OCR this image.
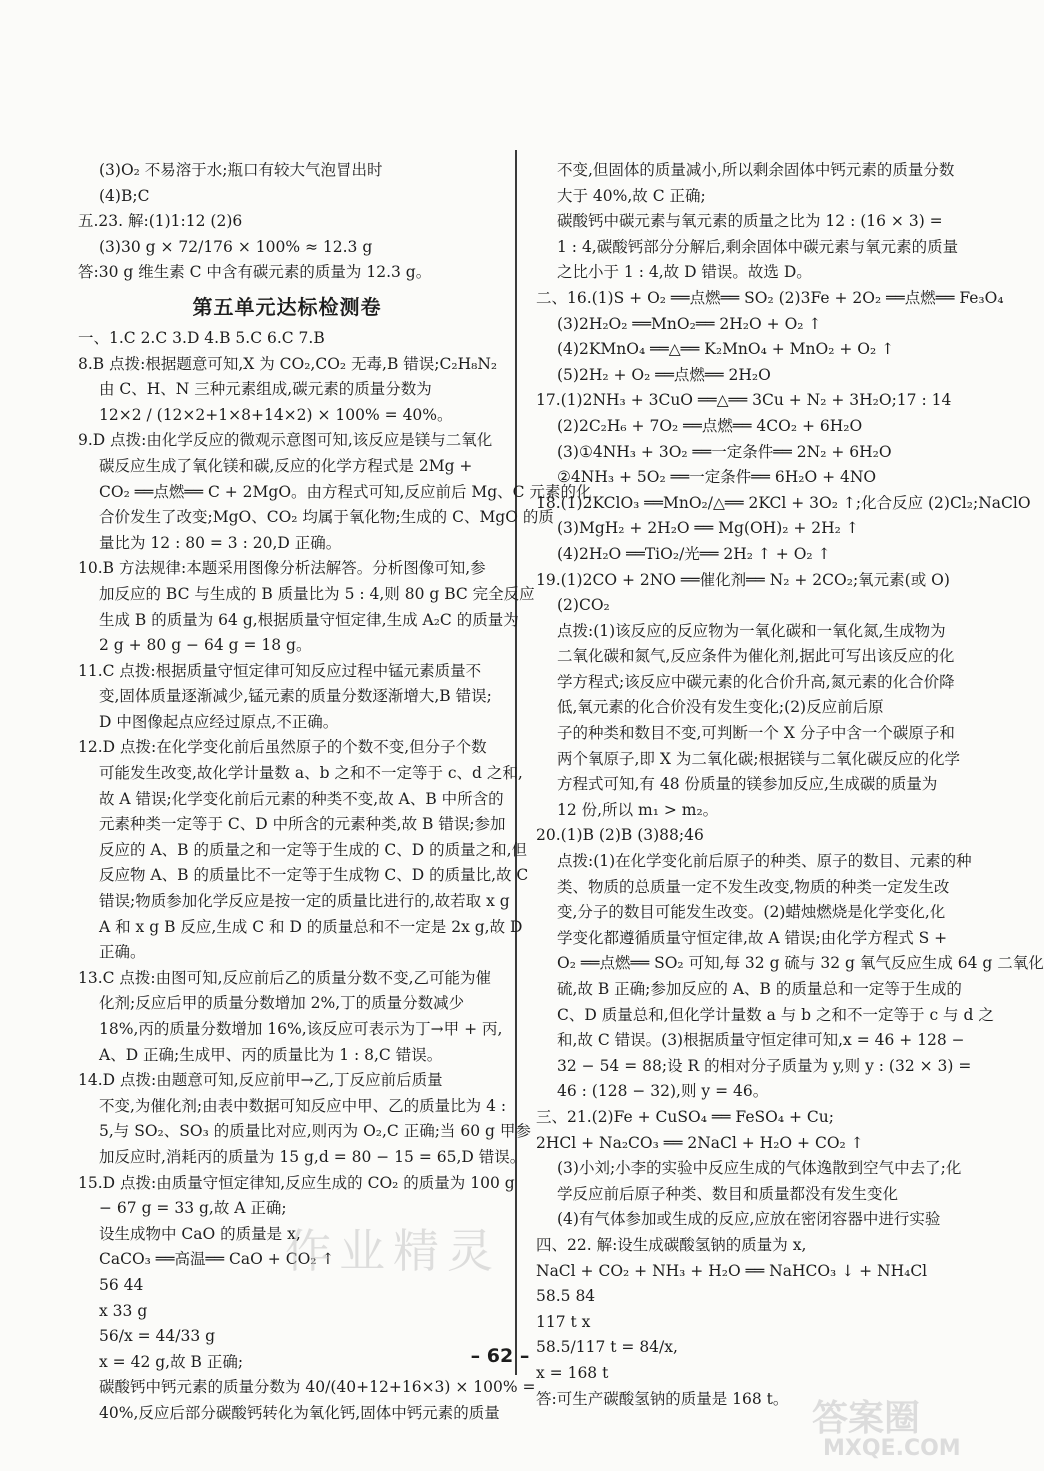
(3)O₂ 不易溶于水;瓶口有较大气泡冒出时
(4)B;C
五.23. 解:(1)1:12 (2)6
(3)30 g × 72/176 × 100% ≈ 12.3 g
答:30 g 维生素 C 中含有碳元素的质量为 12.3 g。
第五单元达标检测卷
一、1.C 2.C 3.D 4.B 5.C 6.C 7.B
8.B 点拨:根据题意可知,X 为 CO₂,CO₂ 无毒,B 错误;C₂H₈N₂
由 C、H、N 三种元素组成,碳元素的质量分数为
12×2 / (12×2+1×8+14×2) × 100% = 40%。
9.D 点拨:由化学反应的微观示意图可知,该反应是镁与二氧化
碳反应生成了氧化镁和碳,反应的化学方程式是 2Mg +
CO₂ ══点燃══ C + 2MgO。由方程式可知,反应前后 Mg、C 元素的化
合价发生了改变;MgO、CO₂ 均属于氧化物;生成的 C、MgO 的质
量比为 12 : 80 = 3 : 20,D 正确。
10.B 方法规律:本题采用图像分析法解答。分析图像可知,参
加反应的 BC 与生成的 B 质量比为 5 : 4,则 80 g BC 完全反应
生成 B 的质量为 64 g,根据质量守恒定律,生成 A₂C 的质量为
2 g + 80 g − 64 g = 18 g。
11.C 点拨:根据质量守恒定律可知反应过程中锰元素质量不
变,固体质量逐渐减少,锰元素的质量分数逐渐增大,B 错误;
D 中图像起点应经过原点,不正确。
12.D 点拨:在化学变化前后虽然原子的个数不变,但分子个数
可能发生改变,故化学计量数 a、b 之和不一定等于 c、d 之和,
故 A 错误;化学变化前后元素的种类不变,故 A、B 中所含的
元素种类一定等于 C、D 中所含的元素种类,故 B 错误;参加
反应的 A、B 的质量之和一定等于生成的 C、D 的质量之和,但
反应物 A、B 的质量比不一定等于生成物 C、D 的质量比,故 C
错误;物质参加化学反应是按一定的质量比进行的,故若取 x g
A 和 x g B 反应,生成 C 和 D 的质量总和不一定是 2x g,故 D
正确。
13.C 点拨:由图可知,反应前后乙的质量分数不变,乙可能为催
化剂;反应后甲的质量分数增加 2%,丁的质量分数减少
18%,丙的质量分数增加 16%,该反应可表示为丁→甲 + 丙,
A、D 正确;生成甲、丙的质量比为 1 : 8,C 错误。
14.D 点拨:由题意可知,反应前甲→乙,丁反应前后质量
不变,为催化剂;由表中数据可知反应中甲、乙的质量比为 4 :
5,与 SO₂、SO₃ 的质量比对应,则丙为 O₂,C 正确;当 60 g 甲参
加反应时,消耗丙的质量为 15 g,d = 80 − 15 = 65,D 错误。
15.D 点拨:由质量守恒定律知,反应生成的 CO₂ 的质量为 100 g
− 67 g = 33 g,故 A 正确;
设生成物中 CaO 的质量是 x,
CaCO₃ ══高温══ CaO + CO₂ ↑
56 44
x 33 g
56/x = 44/33 g
x = 42 g,故 B 正确;
碳酸钙中钙元素的质量分数为 40/(40+12+16×3) × 100% =
40%,反应后部分碳酸钙转化为氧化钙,固体中钙元素的质量
不变,但固体的质量减小,所以剩余固体中钙元素的质量分数
大于 40%,故 C 正确;
碳酸钙中碳元素与氧元素的质量之比为 12 : (16 × 3) =
1 : 4,碳酸钙部分分解后,剩余固体中碳元素与氧元素的质量
之比小于 1 : 4,故 D 错误。故选 D。
二、16.(1)S + O₂ ══点燃══ SO₂ (2)3Fe + 2O₂ ══点燃══ Fe₃O₄
(3)2H₂O₂ ══MnO₂══ 2H₂O + O₂ ↑
(4)2KMnO₄ ══△══ K₂MnO₄ + MnO₂ + O₂ ↑
(5)2H₂ + O₂ ══点燃══ 2H₂O
17.(1)2NH₃ + 3CuO ══△══ 3Cu + N₂ + 3H₂O;17 : 14
(2)2C₂H₆ + 7O₂ ══点燃══ 4CO₂ + 6H₂O
(3)①4NH₃ + 3O₂ ══一定条件══ 2N₂ + 6H₂O
②4NH₃ + 5O₂ ══一定条件══ 6H₂O + 4NO
18.(1)2KClO₃ ══MnO₂/△══ 2KCl + 3O₂ ↑;化合反应 (2)Cl₂;NaClO
(3)MgH₂ + 2H₂O ══ Mg(OH)₂ + 2H₂ ↑
(4)2H₂O ══TiO₂/光══ 2H₂ ↑ + O₂ ↑
19.(1)2CO + 2NO ══催化剂══ N₂ + 2CO₂;氧元素(或 O)
(2)CO₂
点拨:(1)该反应的反应物为一氧化碳和一氧化氮,生成物为
二氧化碳和氮气,反应条件为催化剂,据此可写出该反应的化
学方程式;该反应中碳元素的化合价升高,氮元素的化合价降
低,氧元素的化合价没有发生变化;(2)反应前后原
子的种类和数目不变,可判断一个 X 分子中含一个碳原子和
两个氧原子,即 X 为二氧化碳;根据镁与二氧化碳反应的化学
方程式可知,有 48 份质量的镁参加反应,生成碳的质量为
12 份,所以 m₁ > m₂。
20.(1)B (2)B (3)88;46
点拨:(1)在化学变化前后原子的种类、原子的数目、元素的种
类、物质的总质量一定不发生改变,物质的种类一定发生改
变,分子的数目可能发生改变。(2)蜡烛燃烧是化学变化,化
学变化都遵循质量守恒定律,故 A 错误;由化学方程式 S +
O₂ ══点燃══ SO₂ 可知,每 32 g 硫与 32 g 氧气反应生成 64 g 二氧化
硫,故 B 正确;参加反应的 A、B 的质量总和一定等于生成的
C、D 质量总和,但化学计量数 a 与 b 之和不一定等于 c 与 d 之
和,故 C 错误。(3)根据质量守恒定律可知,x = 46 + 128 −
32 − 54 = 88;设 R 的相对分子质量为 y,则 y : (32 × 3) =
46 : (128 − 32),则 y = 46。
三、21.(2)Fe + CuSO₄ ══ FeSO₄ + Cu;
2HCl + Na₂CO₃ ══ 2NaCl + H₂O + CO₂ ↑
(3)小刘;小李的实验中反应生成的气体逸散到空气中去了;化
学反应前后原子种类、数目和质量都没有发生变化
(4)有气体参加或生成的反应,应放在密闭容器中进行实验
四、22. 解:设生成碳酸氢钠的质量为 x,
NaCl + CO₂ + NH₃ + H₂O ══ NaHCO₃ ↓ + NH₄Cl
58.5 84
117 t x
58.5/117 t = 84/x,
x = 168 t
答:可生产碳酸氢钠的质量是 168 t。
– 62 –
作业精灵
答案圈
MXQE.COM
